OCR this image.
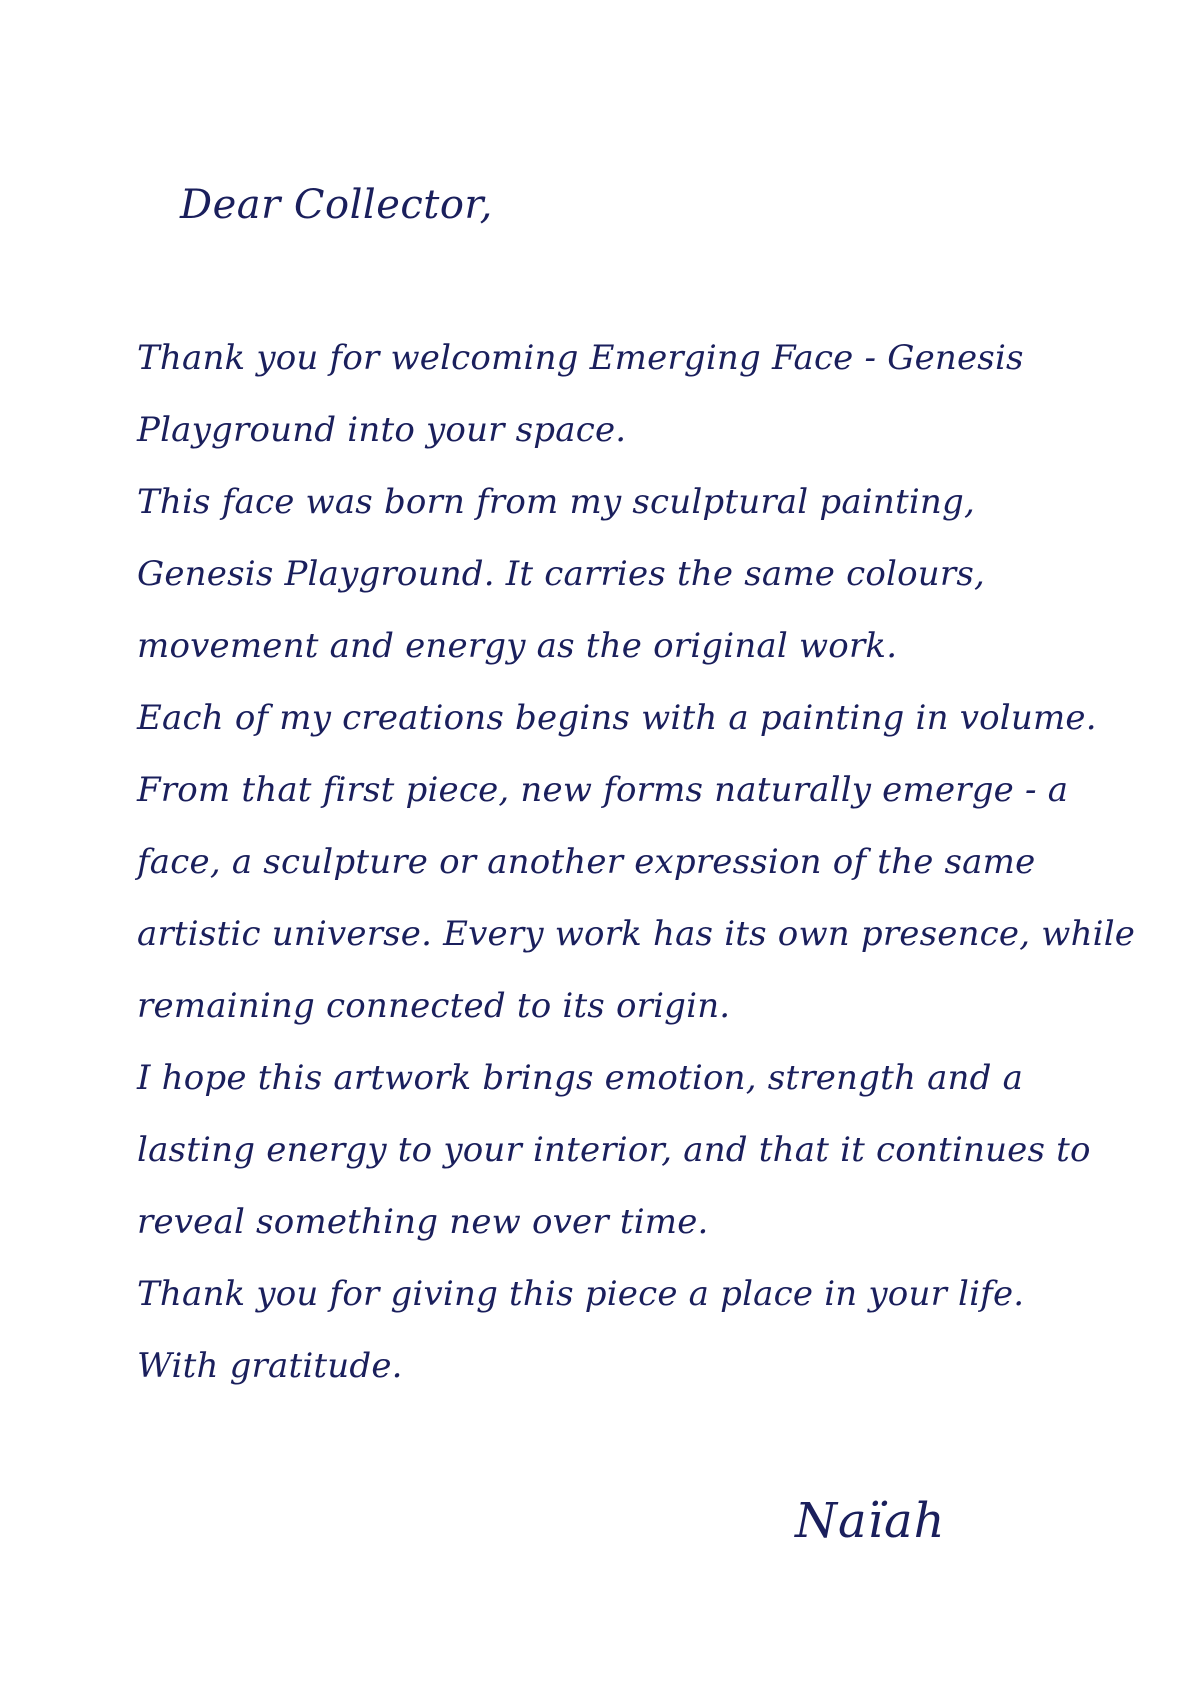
Dear Collector,
Thank you for welcoming Emerging Face - Genesis
Playground into your space.
This face was born from my sculptural painting,
Genesis Playground. It carries the same colours,
movement and energy as the original work.
Each of my creations begins with a painting in volume.
From that first piece, new forms naturally emerge - a
face, a sculpture or another expression of the same
artistic universe. Every work has its own presence, while
remaining connected to its origin.
I hope this artwork brings emotion, strength and a
lasting energy to your interior, and that it continues to
reveal something new over time.
Thank you for giving this piece a place in your life.
With gratitude.
Naïah
